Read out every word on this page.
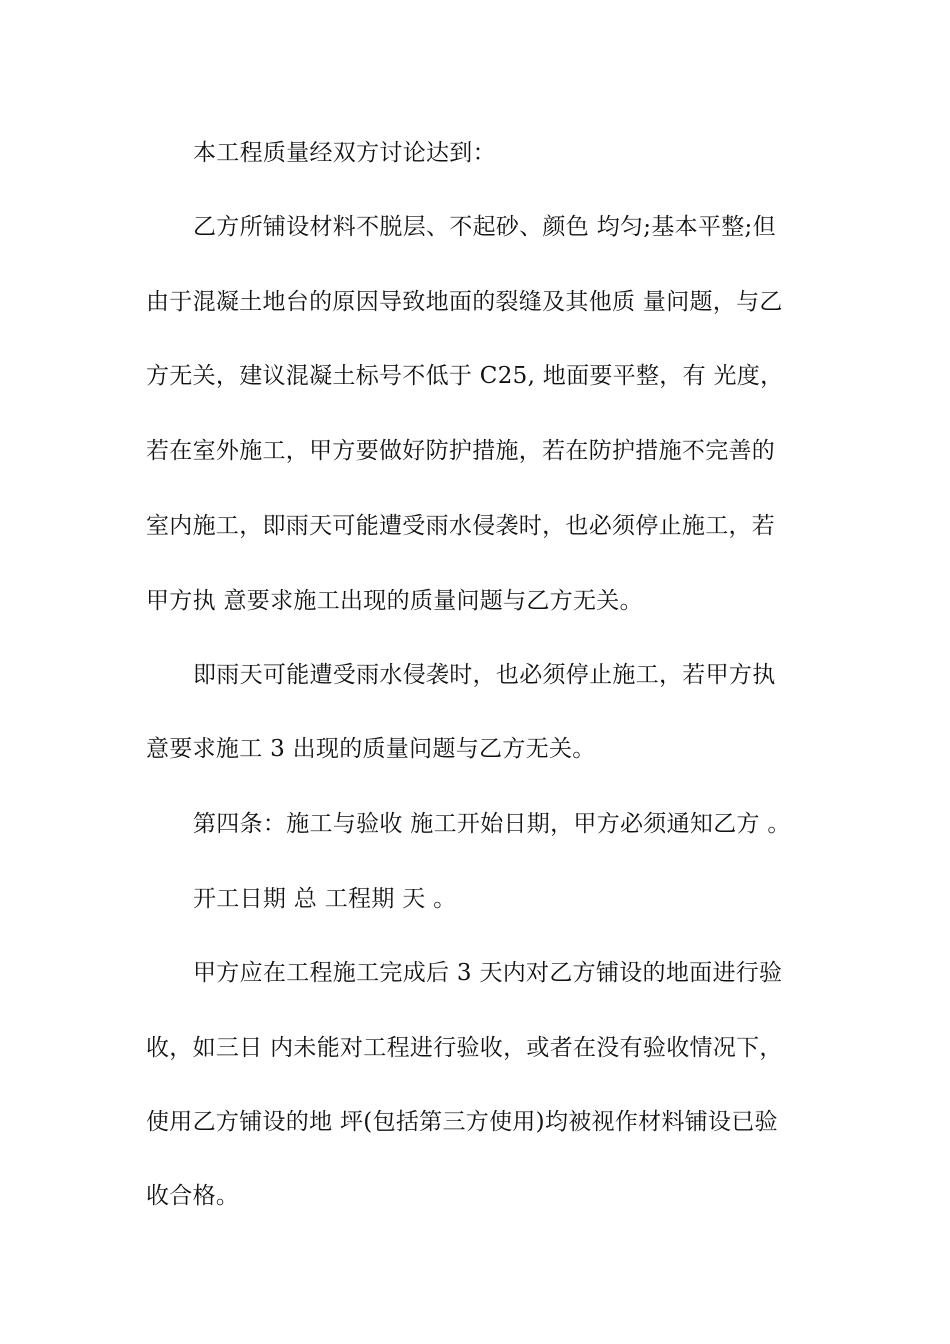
本工程质量经双方讨论达到：
乙方所铺设材料不脱层、不起砂、颜色 均匀;基本平整;但
由于混凝土地台的原因导致地面的裂缝及其他质 量问题，与乙
方无关，建议混凝土标号不低于 C25, 地面要平整，有 光度，
若在室外施工，甲方要做好防护措施，若在防护措施不完善的
室内施工，即雨天可能遭受雨水侵袭时，也必须停止施工，若
甲方执 意要求施工出现的质量问题与乙方无关。
即雨天可能遭受雨水侵袭时，也必须停止施工，若甲方执
意要求施工 3 出现的质量问题与乙方无关。
第四条：施工与验收 施工开始日期，甲方必须通知乙方 。
开工日期 总 工程期 天 。
甲方应在工程施工完成后 3 天内对乙方铺设的地面进行验
收，如三日 内未能对工程进行验收，或者在没有验收情况下，
使用乙方铺设的地 坪(包括第三方使用)均被视作材料铺设已验
收合格。
